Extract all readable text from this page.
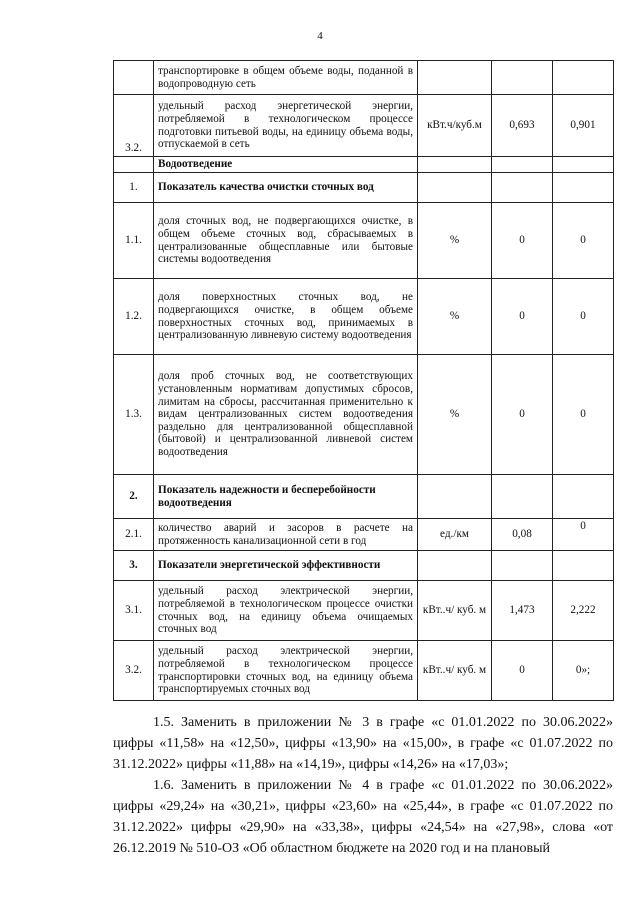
4
	транспортировке в общем объеме воды, поданной в водопроводную сеть			
3.2.	удельный расход энергетической энергии, потребляемой в технологическом процессе подготовки питьевой воды, на единицу объема воды, отпускаемой в сеть	кВт.ч/куб.м	0,693	0,901
	Водоотведение			
1.	Показатель качества очистки сточных вод			
1.1.	доля сточных вод, не подвергающихся очистке, в общем объеме сточных вод, сбрасываемых в централизованные общесплавные или бытовые системы водоотведения	%	0	0
1.2.	доля поверхностных сточных вод, не подвергающихся очистке, в общем объеме поверхностных сточных вод, принимаемых в централизованную ливневую систему водоотведения	%	0	0
1.3.	доля проб сточных вод, не соответствующих установленным нормативам допустимых сбросов, лимитам на сбросы, рассчитанная применительно к видам централизованных систем водоотведения раздельно для централизованной общесплавной (бытовой) и централизованной ливневой систем водоотведения	%	0	0
2.	Показатель надежности и бесперебойности водоотведения			
2.1.	количество аварий и засоров в расчете на протяженность канализационной сети в год	ед./км	0,08	0
3.	Показатели энергетической эффективности			
3.1.	удельный расход электрической энергии, потребляемой в технологическом процессе очистки сточных вод, на единицу объема очищаемых сточных вод	кВт..ч/ куб. м	1,473	2,222
3.2.	удельный расход электрической энергии, потребляемой в технологическом процессе транспортировки сточных вод, на единицу объема транспортируемых сточных вод	кВт..ч/ куб. м	0	0»;

1.5. Заменить в приложении № 3 в графе «с 01.01.2022 по 30.06.2022» цифры «11,58» на «12,50», цифры «13,90» на «15,00», в графе «с 01.07.2022 по 31.12.2022» цифры «11,88» на «14,19», цифры «14,26» на «17,03»;

1.6. Заменить в приложении № 4 в графе «с 01.01.2022 по 30.06.2022» цифры «29,24» на «30,21», цифры «23,60» на «25,44», в графе «с 01.07.2022 по 31.12.2022» цифры «29,90» на «33,38», цифры «24,54» на «27,98», слова «от 26.12.2019 № 510-ОЗ «Об областном бюджете на 2020 год и на плановый
